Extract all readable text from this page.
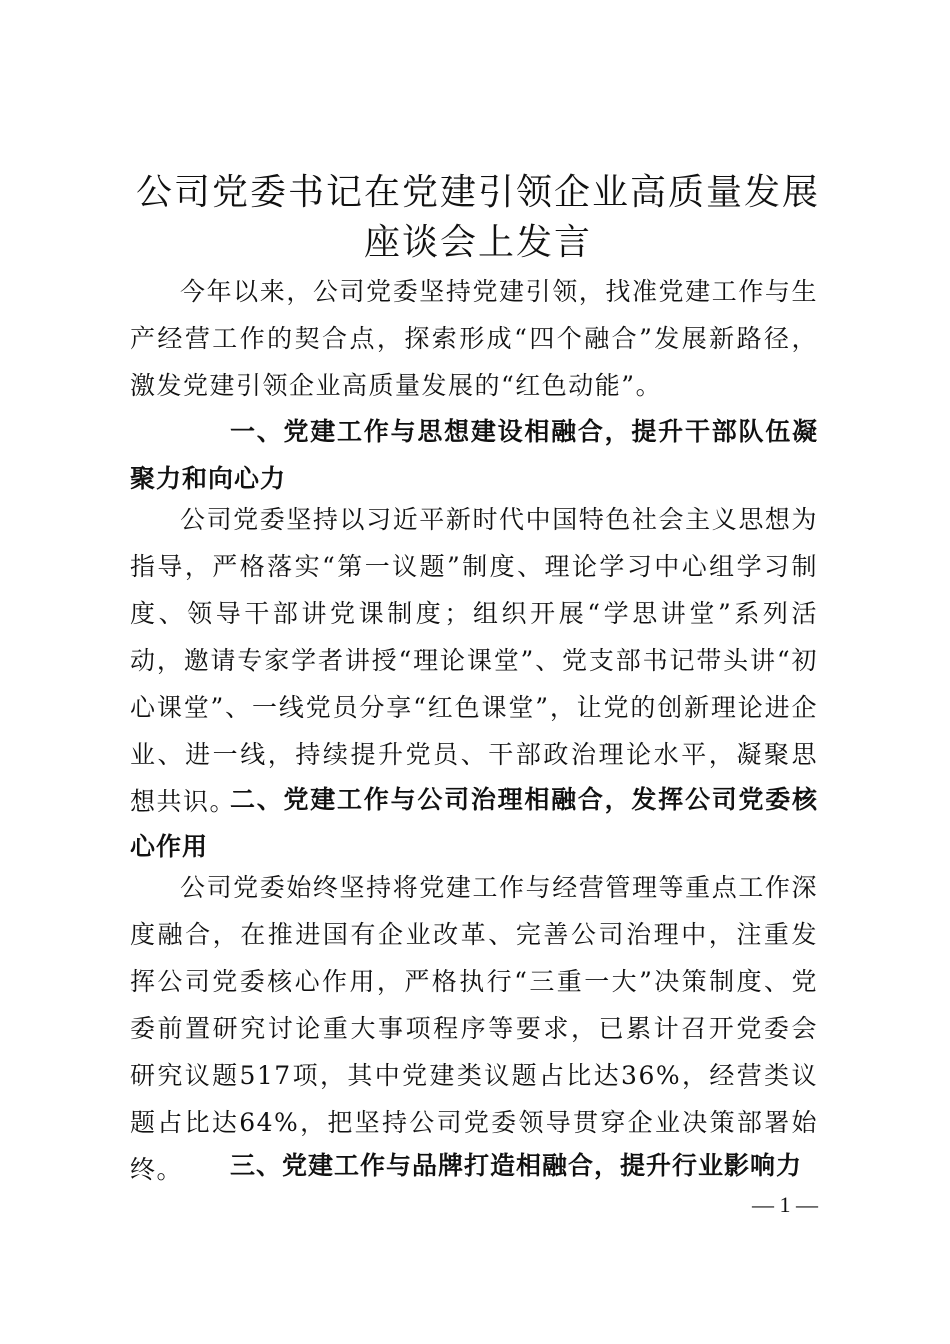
公司党委书记在党建引领企业高质量发展座谈会上发言

今年以来，公司党委坚持党建引领，找准党建工作与生产经营工作的契合点，探索形成“四个融合”发展新路径，激发党建引领企业高质量发展的“红色动能”。

一、党建工作与思想建设相融合，提升干部队伍凝聚力和向心力

公司党委坚持以习近平新时代中国特色社会主义思想为指导，严格落实“第一议题”制度、理论学习中心组学习制度、领导干部讲党课制度；组织开展“学思讲堂”系列活动，邀请专家学者讲授“理论课堂”、党支部书记带头讲“初心课堂”、一线党员分享“红色课堂”，让党的创新理论进企业、进一线，持续提升党员、干部政治理论水平，凝聚思想共识。

二、党建工作与公司治理相融合，发挥公司党委核心作用

公司党委始终坚持将党建工作与经营管理等重点工作深度融合，在推进国有企业改革、完善公司治理中，注重发挥公司党委核心作用，严格执行“三重一大”决策制度、党委前置研究讨论重大事项程序等要求，已累计召开党委会研究议题517项，其中党建类议题占比达36%，经营类议题占比达64%，把坚持公司党委领导贯穿企业决策部署始终。	三、党建工作与品牌打造相融合，提升行业影响力
— 1 —
